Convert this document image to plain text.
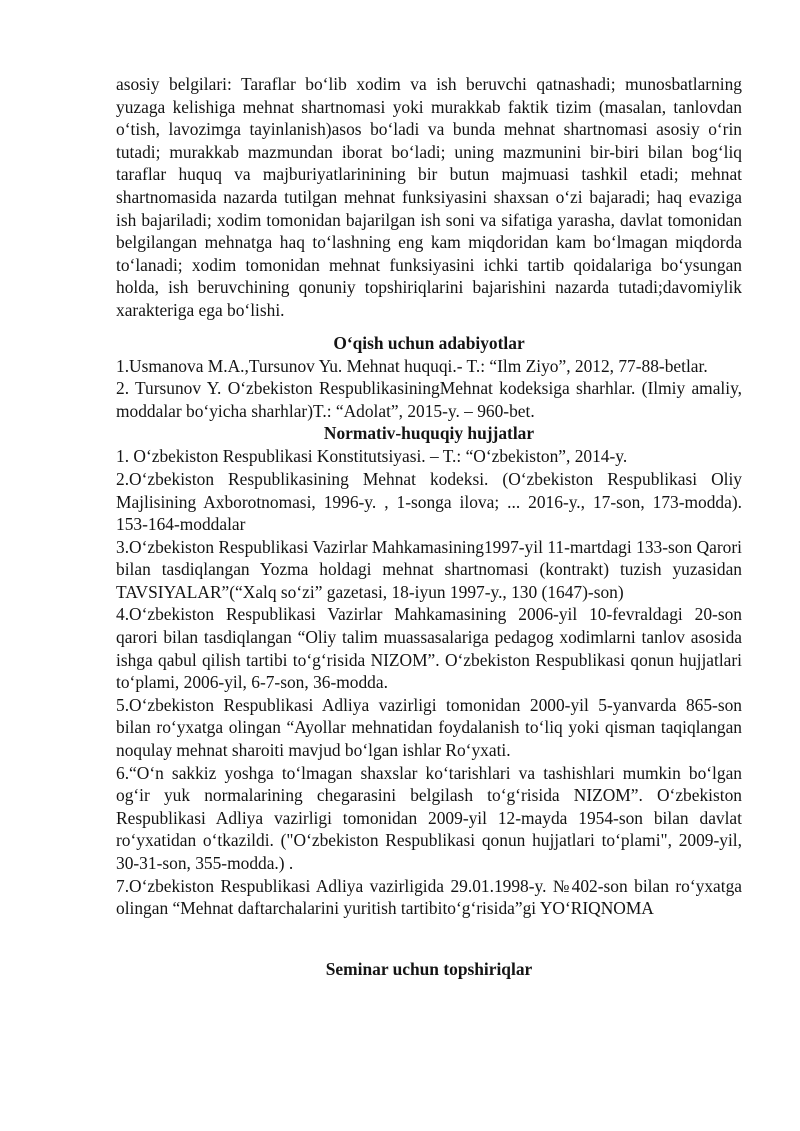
asosiy belgilari: Taraflar bo‘lib xodim va ish beruvchi qatnashadi; munosbatlarning yuzaga kelishiga mehnat shartnomasi yoki murakkab faktik tizim (masalan, tanlovdan o‘tish, lavozimga tayinlanish)asos bo‘ladi va bunda mehnat shartnomasi asosiy o‘rin tutadi; murakkab mazmundan iborat bo‘ladi; uning mazmunini bir-biri bilan bog‘liq taraflar huquq va majburiyatlarinining bir butun majmuasi tashkil etadi; mehnat shartnomasida nazarda tutilgan mehnat funksiyasini shaxsan o‘zi bajaradi; haq evaziga ish bajariladi; xodim tomonidan bajarilgan ish soni va sifatiga yarasha, davlat tomonidan belgilangan mehnatga haq to‘lashning eng kam miqdoridan kam bo‘lmagan miqdorda to‘lanadi; xodim tomonidan mehnat funksiyasini ichki tartib qoidalariga bo‘ysungan holda, ish beruvchining qonuniy topshiriqlarini bajarishini nazarda tutadi;davomiylik xarakteriga ega bo‘lishi.

O‘qish uchun adabiyotlar

1.Usmanova M.A.,Tursunov Yu. Mehnat huquqi.- T.: “Ilm Ziyo”, 2012, 77-88-betlar.

2. Tursunov Y. O‘zbekiston RespublikasiningMehnat kodeksiga sharhlar. (Ilmiy amaliy, moddalar bo‘yicha sharhlar)T.: “Adolat”, 2015-y. – 960-bet.

Normativ-huquqiy hujjatlar

1. O‘zbekiston Respublikasi Konstitutsiyasi. – T.: “O‘zbekiston”, 2014-y.

2.O‘zbekiston Respublikasining Mehnat kodeksi. (O‘zbekiston Respublikasi Oliy Majlisining Axborotnomasi, 1996-y. , 1-songa ilova; ... 2016-y., 17-son, 173-modda). 153-164-moddalar

3.O‘zbekiston Respublikasi Vazirlar Mahkamasining1997-yil 11-martdagi 133-son Qarori bilan tasdiqlangan Yozma holdagi mehnat shartnomasi (kontrakt) tuzish yuzasidan TAVSIYALAR”(“Xalq so‘zi” gazetasi, 18-iyun 1997-y., 130 (1647)-son)

4.O‘zbekiston Respublikasi Vazirlar Mahkamasining 2006-yil 10-fevraldagi 20-son qarori bilan tasdiqlangan “Oliy talim muassasalariga pedagog xodimlarni tanlov asosida ishga qabul qilish tartibi to‘g‘risida NIZOM”. O‘zbekiston Respublikasi qonun hujjatlari to‘plami, 2006-yil, 6-7-son, 36-modda.

5.O‘zbekiston Respublikasi Adliya vazirligi tomonidan 2000-yil 5-yanvarda 865-son bilan ro‘yxatga olingan “Ayollar mehnatidan foydalanish to‘liq yoki qisman taqiqlangan noqulay mehnat sharoiti mavjud bo‘lgan ishlar Ro‘yxati.

6.“O‘n sakkiz yoshga to‘lmagan shaxslar ko‘tarishlari va tashishlari mumkin bo‘lgan og‘ir yuk normalarining chegarasini belgilash to‘g‘risida NIZOM”. O‘zbekiston Respublikasi Adliya vazirligi tomonidan 2009-yil 12-mayda 1954-son bilan davlat ro‘yxatidan o‘tkazildi. ("O‘zbekiston Respublikasi qonun hujjatlari to‘plami", 2009-yil, 30-31-son, 355-modda.) .

7.O‘zbekiston Respublikasi Adliya vazirligida 29.01.1998-y. №402-son bilan ro‘yxatga olingan “Mehnat daftarchalarini yuritish tartibito‘g‘risida”gi YO‘RIQNOMA

Seminar uchun topshiriqlar
